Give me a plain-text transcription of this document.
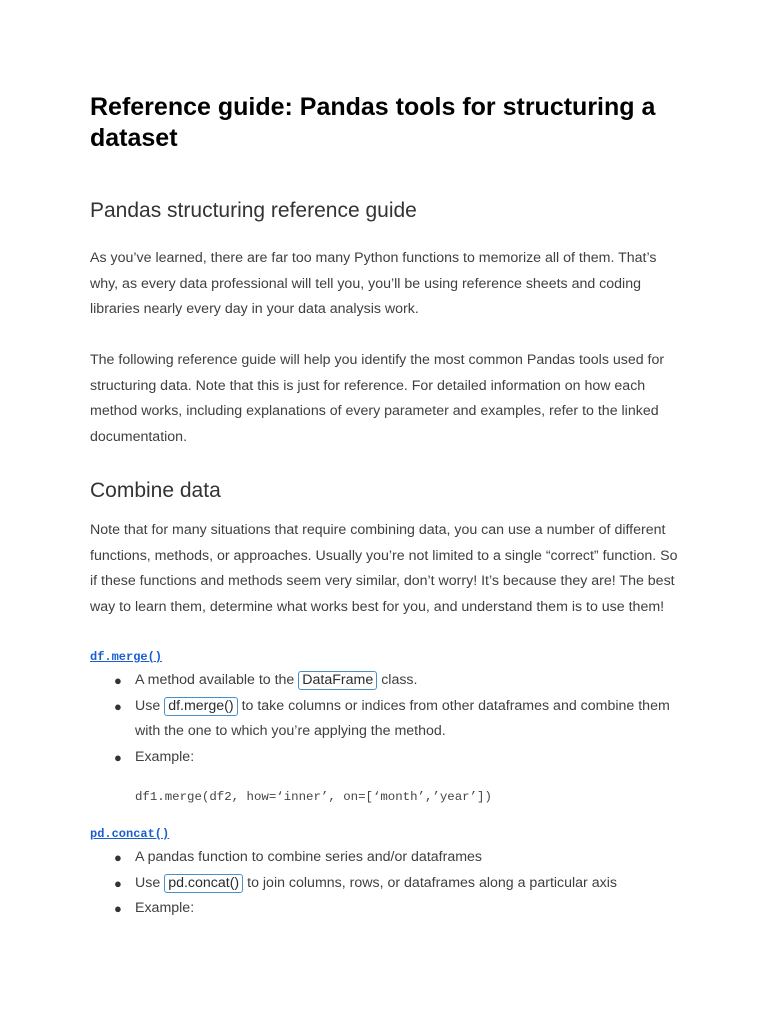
Reference guide: Pandas tools for structuring a dataset
Pandas structuring reference guide

As you’ve learned, there are far too many Python functions to memorize all of them. That’s why, as every data professional will tell you, you’ll be using reference sheets and coding libraries nearly every day in your data analysis work.

The following reference guide will help you identify the most common Pandas tools used for structuring data. Note that this is just for reference. For detailed information on how each method works, including explanations of every parameter and examples, refer to the linked documentation.

Combine data

Note that for many situations that require combining data, you can use a number of different functions, methods, or approaches. Usually you’re not limited to a single “correct” function. So if these functions and methods seem very similar, don’t worry! It’s because they are! The best way to learn them, determine what works best for you, and understand them is to use them!

df.merge()
● A method available to the DataFrame class.
● Use df.merge() to take columns or indices from other dataframes and combine them with the one to which you’re applying the method.
● Example:
df1.merge(df2, how=‘inner’, on=[‘month’,’year’])
pd.concat()
● A pandas function to combine series and/or dataframes
● Use pd.concat() to join columns, rows, or dataframes along a particular axis
● Example:
